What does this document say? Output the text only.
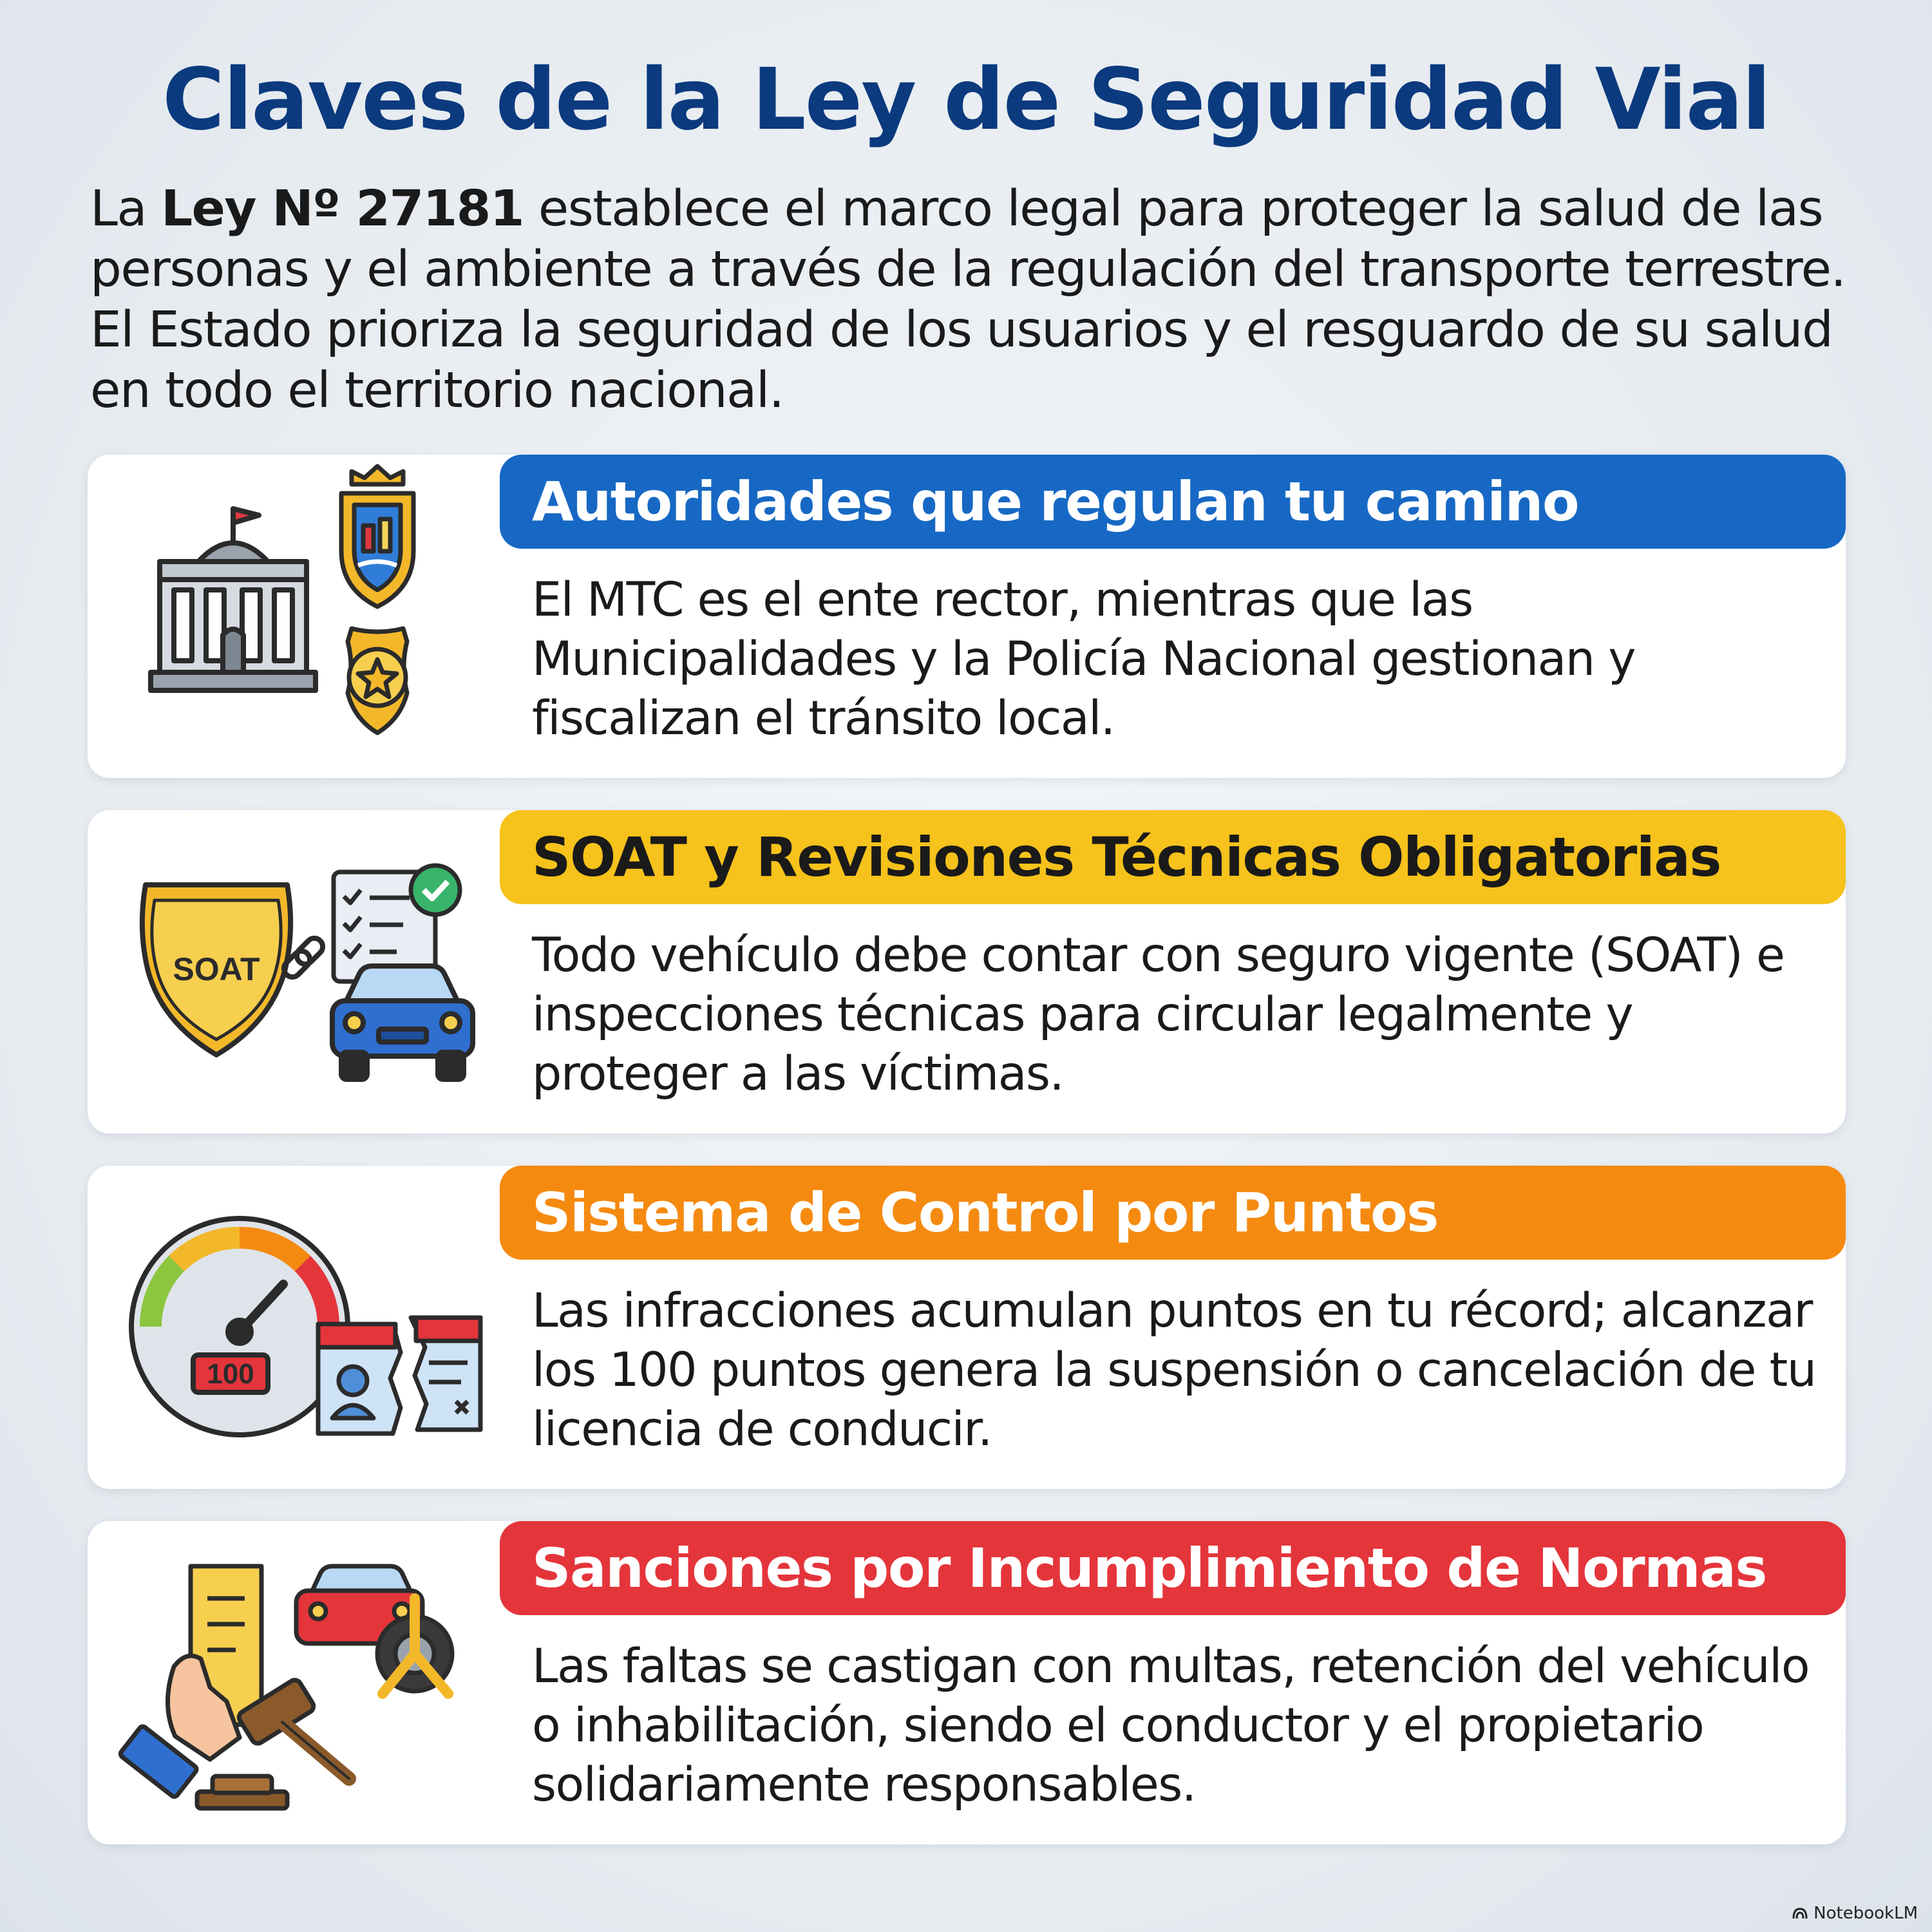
Claves de la Ley de Seguridad Vial

La Ley Nº 27181 establece el marco legal para proteger la salud de las personas y el ambiente a través de la regulación del transporte terrestre. El Estado prioriza la seguridad de los usuarios y el resguardo de su salud en todo el territorio nacional.

Autoridades que regulan tu camino

El MTC es el ente rector, mientras que las Municipalidades y la Policía Nacional gestionan y fiscalizan el tránsito local.

SOAT
SOAT y Revisiones Técnicas Obligatorias

Todo vehículo debe contar con seguro vigente (SOAT) e inspecciones técnicas para circular legalmente y proteger a las víctimas.

100
Sistema de Control por Puntos

Las infracciones acumulan puntos en tu récord; alcanzar los 100 puntos genera la suspensión o cancelación de tu licencia de conducir.

Sanciones por Incumplimiento de Normas

Las faltas se castigan con multas, retención del vehículo o inhabilitación, siendo el conductor y el propietario solidariamente responsables.

NotebookLM
